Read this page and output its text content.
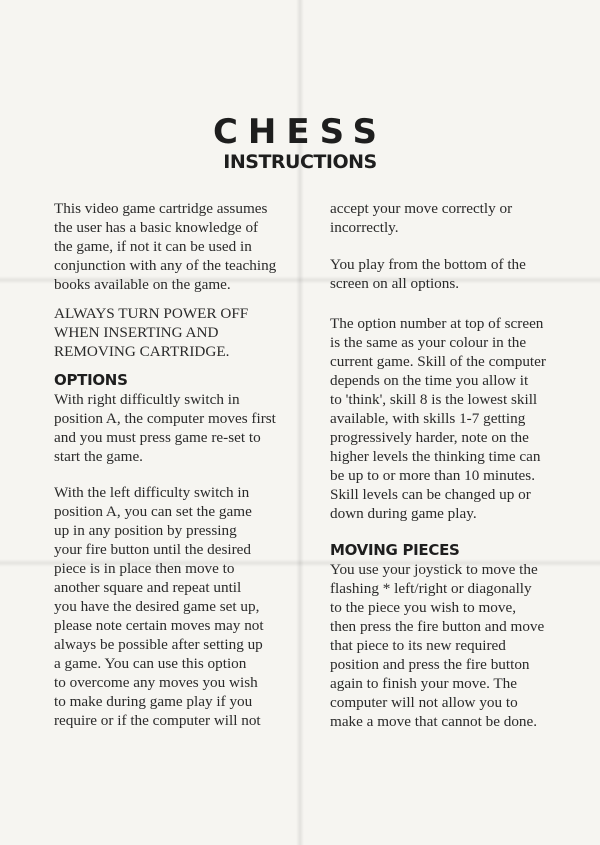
CHESS
INSTRUCTIONS
This video game cartridge assumes
the user has a basic knowledge of
the game, if not it can be used in
conjunction with any of the teaching
books available on the game.
ALWAYS TURN POWER OFF
WHEN INSERTING AND
REMOVING CARTRIDGE.
OPTIONS
With right difficultly switch in
position A, the computer moves first
and you must press game re-set to
start the game.
With the left difficulty switch in
position A, you can set the game
up in any position by pressing
your fire button until the desired
piece is in place then move to
another square and repeat until
you have the desired game set up,
please note certain moves may not
always be possible after setting up
a game. You can use this option
to overcome any moves you wish
to make during game play if you
require or if the computer will not
accept your move correctly or
incorrectly.
You play from the bottom of the
screen on all options.
The option number at top of screen
is the same as your colour in the
current game. Skill of the computer
depends on the time you allow it
to 'think', skill 8 is the lowest skill
available, with skills 1-7 getting
progressively harder, note on the
higher levels the thinking time can
be up to or more than 10 minutes.
Skill levels can be changed up or
down during game play.
MOVING PIECES
You use your joystick to move the
flashing * left/right or diagonally
to the piece you wish to move,
then press the fire button and move
that piece to its new required
position and press the fire button
again to finish your move. The
computer will not allow you to
make a move that cannot be done.
